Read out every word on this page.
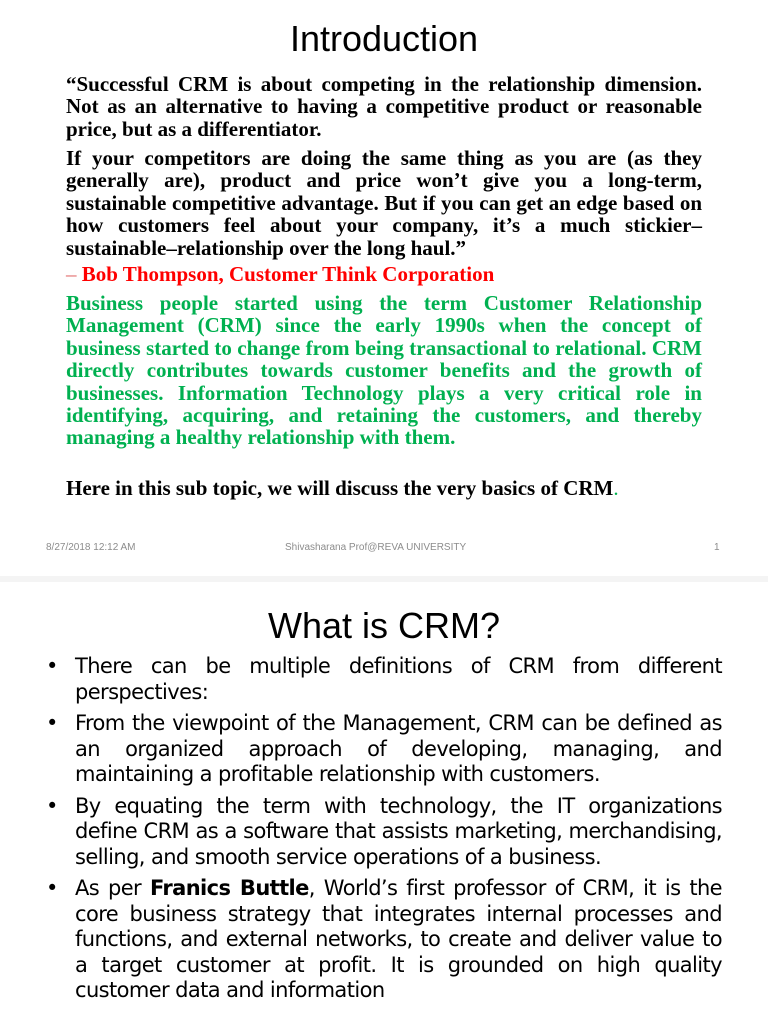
Introduction

“Successful CRM is about competing in the relationship dimension. Not as an alternative to having a competitive product or reasonable price, but as a differentiator.

If your competitors are doing the same thing as you are (as they generally are), product and price won’t give you a long-term, sustainable competitive advantage. But if you can get an edge based on how customers feel about your company, it’s a much stickier– sustainable–relationship over the long haul.”

– Bob Thompson, Customer Think Corporation

Business people started using the term Customer Relationship Management (CRM) since the early 1990s when the concept of business started to change from being transactional to relational. CRM directly contributes towards customer benefits and the growth of businesses. Information Technology plays a very critical role in identifying, acquiring, and retaining the customers, and thereby managing a healthy relationship with them.

Here in this sub topic, we will discuss the very basics of CRM.

8/27/2018 12:12 AM	Shivasharana Prof@REVA UNIVERSITY	1
What is CRM?
• There can be multiple definitions of CRM from different perspectives:
• From the viewpoint of the Management, CRM can be defined as an organized approach of developing, managing, and maintaining a profitable relationship with customers.
• By equating the term with technology, the IT organizations define CRM as a software that assists marketing, merchandising, selling, and smooth service operations of a business.
• As per Franics Buttle, World’s first professor of CRM, it is the core business strategy that integrates internal processes and functions, and external networks, to create and deliver value to a target customer at profit. It is grounded on high quality customer data and information
